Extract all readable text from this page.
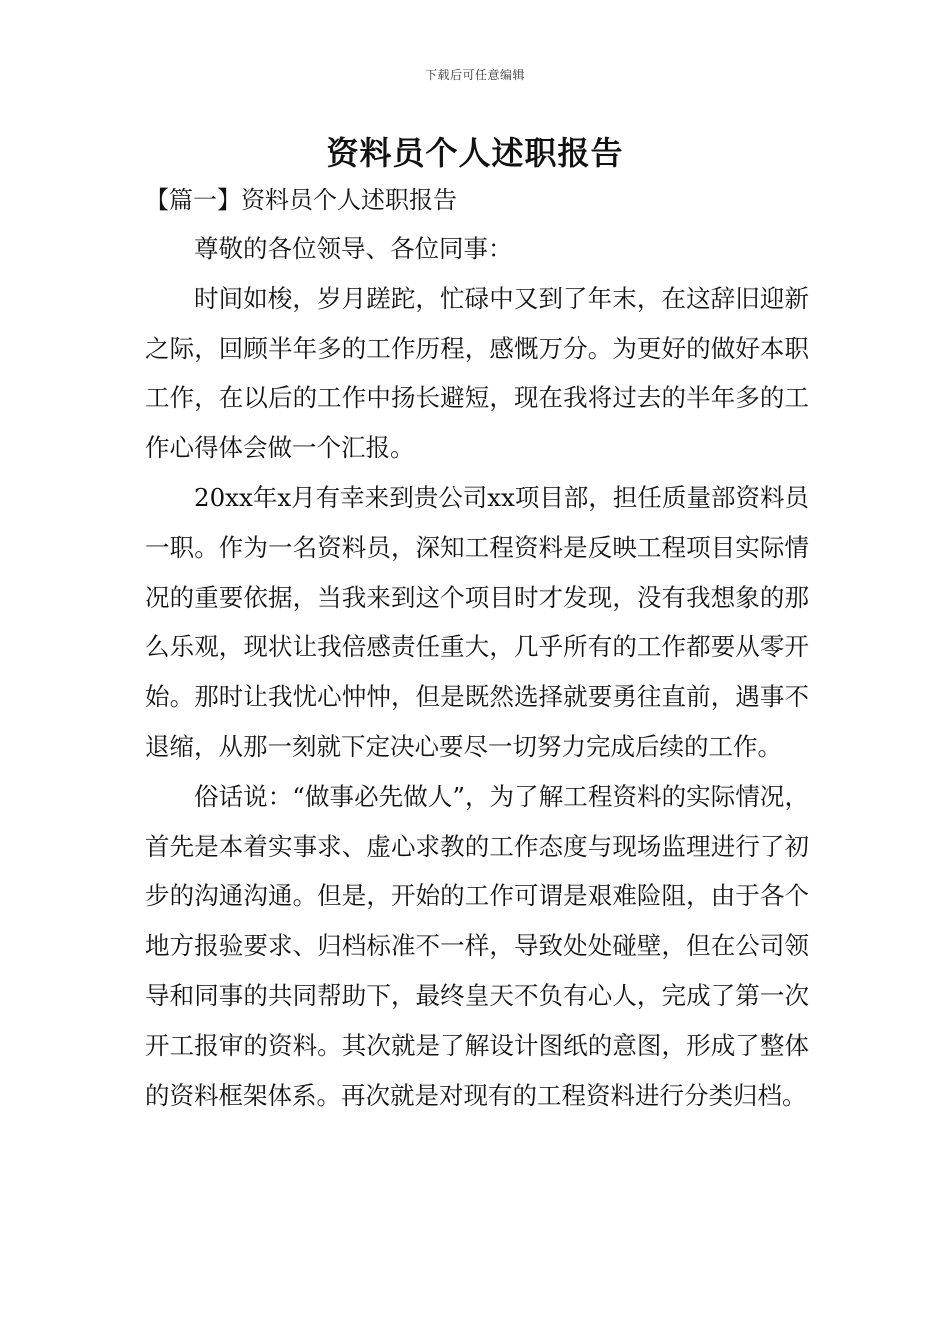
下载后可任意编辑
资料员个人述职报告
【篇一】资料员个人述职报告

尊敬的各位领导、各位同事：

时间如梭，岁月蹉跎，忙碌中又到了年末，在这辞旧迎新之际，回顾半年多的工作历程，感慨万分。为更好的做好本职工作，在以后的工作中扬长避短，现在我将过去的半年多的工作心得体会做一个汇报。

20xx年x月有幸来到贵公司xx项目部，担任质量部资料员一职。作为一名资料员，深知工程资料是反映工程项目实际情况的重要依据，当我来到这个项目时才发现，没有我想象的那么乐观，现状让我倍感责任重大，几乎所有的工作都要从零开始。那时让我忧心忡忡，但是既然选择就要勇往直前，遇事不退缩，从那一刻就下定决心要尽一切努力完成后续的工作。

俗话说：“做事必先做人”，为了解工程资料的实际情况，首先是本着实事求、虚心求教的工作态度与现场监理进行了初步的沟通沟通。但是，开始的工作可谓是艰难险阻，由于各个地方报验要求、归档标准不一样，导致处处碰壁，但在公司领导和同事的共同帮助下，最终皇天不负有心人，完成了第一次开工报审的资料。其次就是了解设计图纸的意图，形成了整体的资料框架体系。再次就是对现有的工程资料进行分类归档。
